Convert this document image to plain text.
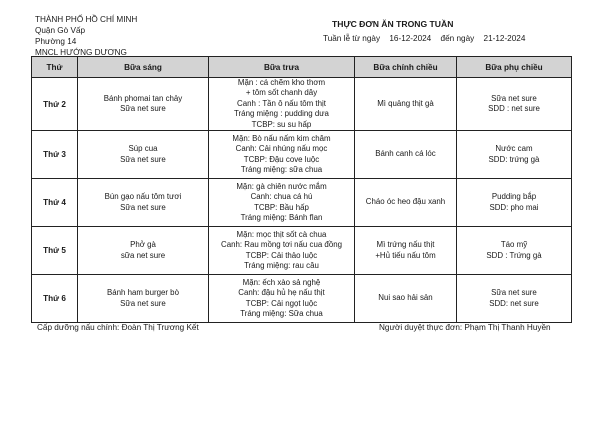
THÀNH PHỐ HỒ CHÍ MINH
Quận Gò Vấp
Phường 14
MNCL HƯỚNG DƯƠNG
THỰC ĐƠN ĂN TRONG TUẦN
Tuần lễ từ ngày 16-12-2024 đến ngày 21-12-2024
Thứ	Bữa sáng	Bữa trưa	Bữa chính chiều	Bữa phụ chiều
Thứ 2	Bánh phomai tan chảy
Sữa net sure	Mặn : cá chẽm kho thơm
+ tôm sốt chanh dây
Canh : Tần ô nấu tôm thịt
Tráng miệng : pudding dưa
TCBP: su su hấp	Mì quảng thịt gà	Sữa net sure
SDD : net sure

Thứ 3	Súp cua
Sữa net sure	Mặn: Bò nấu nấm kim châm
Canh: Cải nhúng nấu mọc
TCBP: Đậu cove luộc
Tráng miệng: sữa chua	Bánh canh cá lóc	Nước cam
SDD: trứng gà

Thứ 4	Bún gạo nấu tôm tươi
Sữa net sure	Mặn: gà chiên nước mắm
Canh: chua cá hú
TCBP: Bầu hấp
Tráng miệng: Bánh flan	Cháo óc heo đậu xanh	Pudding bắp
SDD: pho mai

Thứ 5	Phở gà
sữa net sure	Mặn: mọc thịt sốt cà chua
Canh: Rau mồng tơi nấu cua đồng
TCBP: Cải thảo luộc
Tráng miệng: rau câu	Mì trứng nấu thịt
+Hủ tiếu nấu tôm	Táo mỹ
SDD : Trứng gà

Thứ 6	Bánh ham burger bò
Sữa net sure	Mặn: ếch xào sả nghệ
Canh: đậu hủ hẹ nấu thịt
TCBP: Cải ngọt luộc
Tráng miệng: Sữa chua	Nui sao hải sản	Sữa net sure
SDD: net sure
Cấp dưỡng nấu chính: Đoàn Thị Trương Kết	Người duyệt thực đơn: Phạm Thị Thanh Huyền
